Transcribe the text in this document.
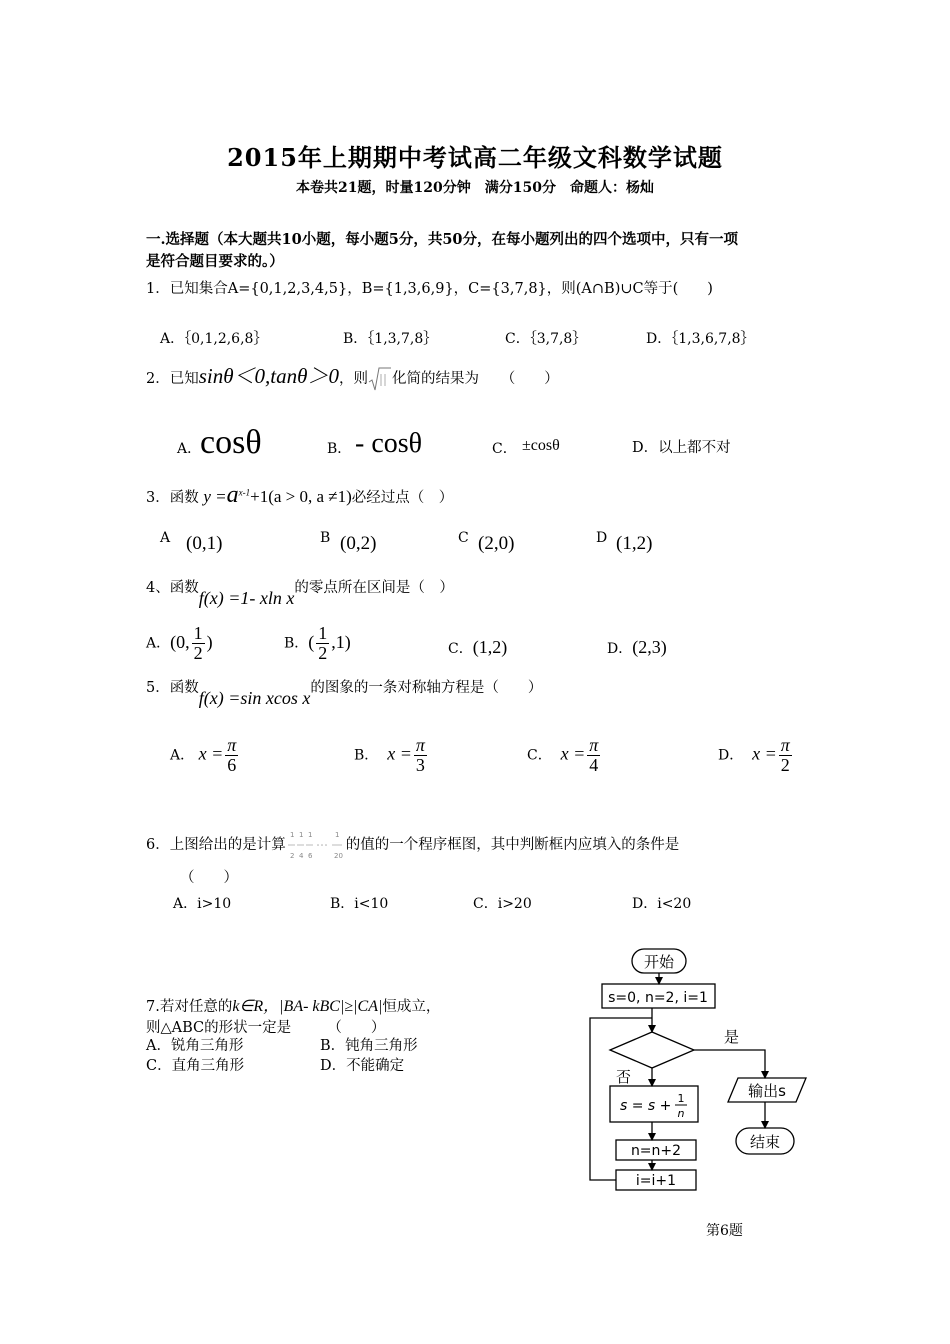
2015年上期期中考试高二年级文科数学试题
本卷共21题，时量120分钟　满分150分　命题人：杨灿
一.选择题（本大题共10小题，每小题5分，共50分，在每小题列出的四个选项中，只有一项
是符合题目要求的。）
1．已知集合A={0,1,2,3,4,5}，B={1,3,6,9}，C={3,7,8}，则(A∩B)∪C等于(　　)
A．｛0,1,2,6,8｝	B．｛1,3,7,8｝	C．｛3,7,8｝	D．｛1,3,6,7,8｝
2．已知sinθ＜0,tanθ＞0，则 化简的结果为　　（　　）
A．
cosθ	B． - cosθ	C． ±cosθ	D．以上都不对
3．函数 $y =a^{x-1}+1(a > 0$, a ≠1)必经过点（　）
A (0,1)	B (0,2)	C (2,0)	D (1,2)
4、函数f(x) =1- xln x的零点所在区间是（　）
A．(0, $\frac{1}{2}$ )	B．( $\frac{1}{2} ,1$)	C．(1,2)	D．(2,3)
5．函数f(x) =sin xcos x的图象的一条对称轴方程是（　　）
A． $x = \frac{\pi}{6}$	B． $x = \frac{\pi}{3}$	C． $x = \frac{\pi}{4}$	D． $x = \frac{\pi}{2}$
6．上图给出的是计算
1 1 1	1
2 4 6	20
的值的一个程序框图，其中判断框内应填入的条件是
（　　）
A．i>10	B．i<10	C．i>20	D．i<20
7.若对任意的k∈R，|BA- kBC|≥|CA|恒成立，
则△ABC的形状一定是　　　（　　）
A．锐角三角形	B．钝角三角形
C．直角三角形	D．不能确定
开始
s=0, n=2, i=1
是
否
s = s + 1
n
n=n+2
i=i+1
输出s
结束
第6题
